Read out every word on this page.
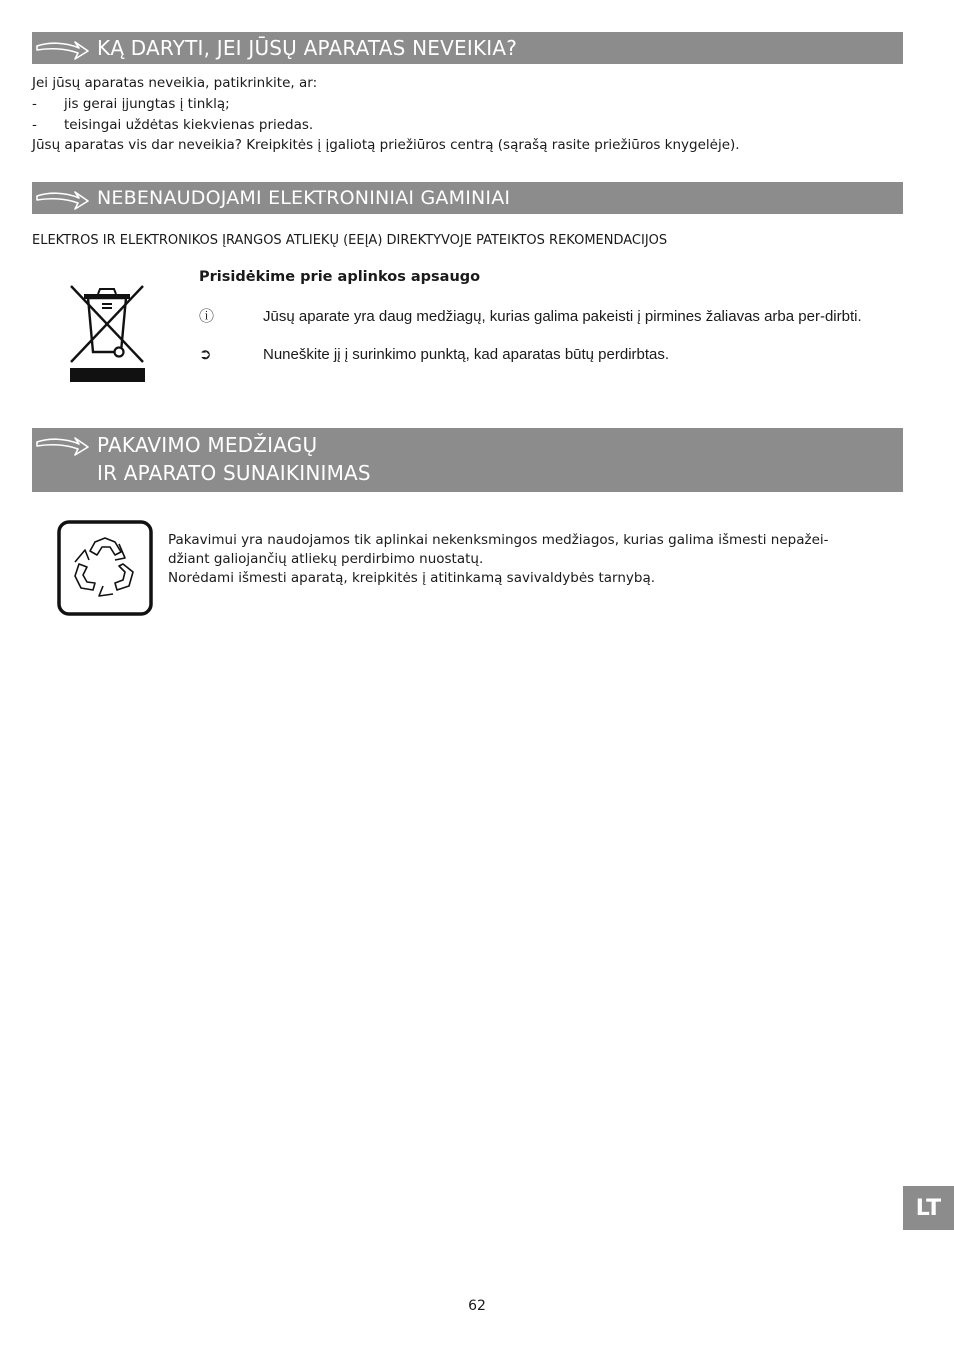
KĄ DARYTI, JEI JŪSŲ APARATAS NEVEIKIA?
Jei jūsų aparatas neveikia, patikrinkite, ar:
- jis gerai įjungtas į tinklą;
- teisingai uždėtas kiekvienas priedas.
Jūsų aparatas vis dar neveikia? Kreipkitės į įgaliotą priežiūros centrą (sąrašą rasite priežiūros knygelėje).
NEBENAUDOJAMI ELEKTRONINIAI GAMINIAI
ELEKTROS IR ELEKTRONIKOS ĮRANGOS ATLIEKŲ (EEĮA) DIREKTYVOJE PATEIKTOS REKOMENDACIJOS
Prisidėkime prie aplinkos apsaugo
ⓘ	Jūsų aparate yra daug medžiagų, kurias galima pakeisti į pirmines žaliavas arba per-dirbti.
➲	Nuneškite jį į surinkimo punktą, kad aparatas būtų perdirbtas.
PAKAVIMO MEDŽIAGŲ
IR APARATO SUNAIKINIMAS
Pakavimui yra naudojamos tik aplinkai nekenksmingos medžiagos, kurias galima išmesti nepažei-
džiant galiojančių atliekų perdirbimo nuostatų.
Norėdami išmesti aparatą, kreipkitės į atitinkamą savivaldybės tarnybą.
LT
62
